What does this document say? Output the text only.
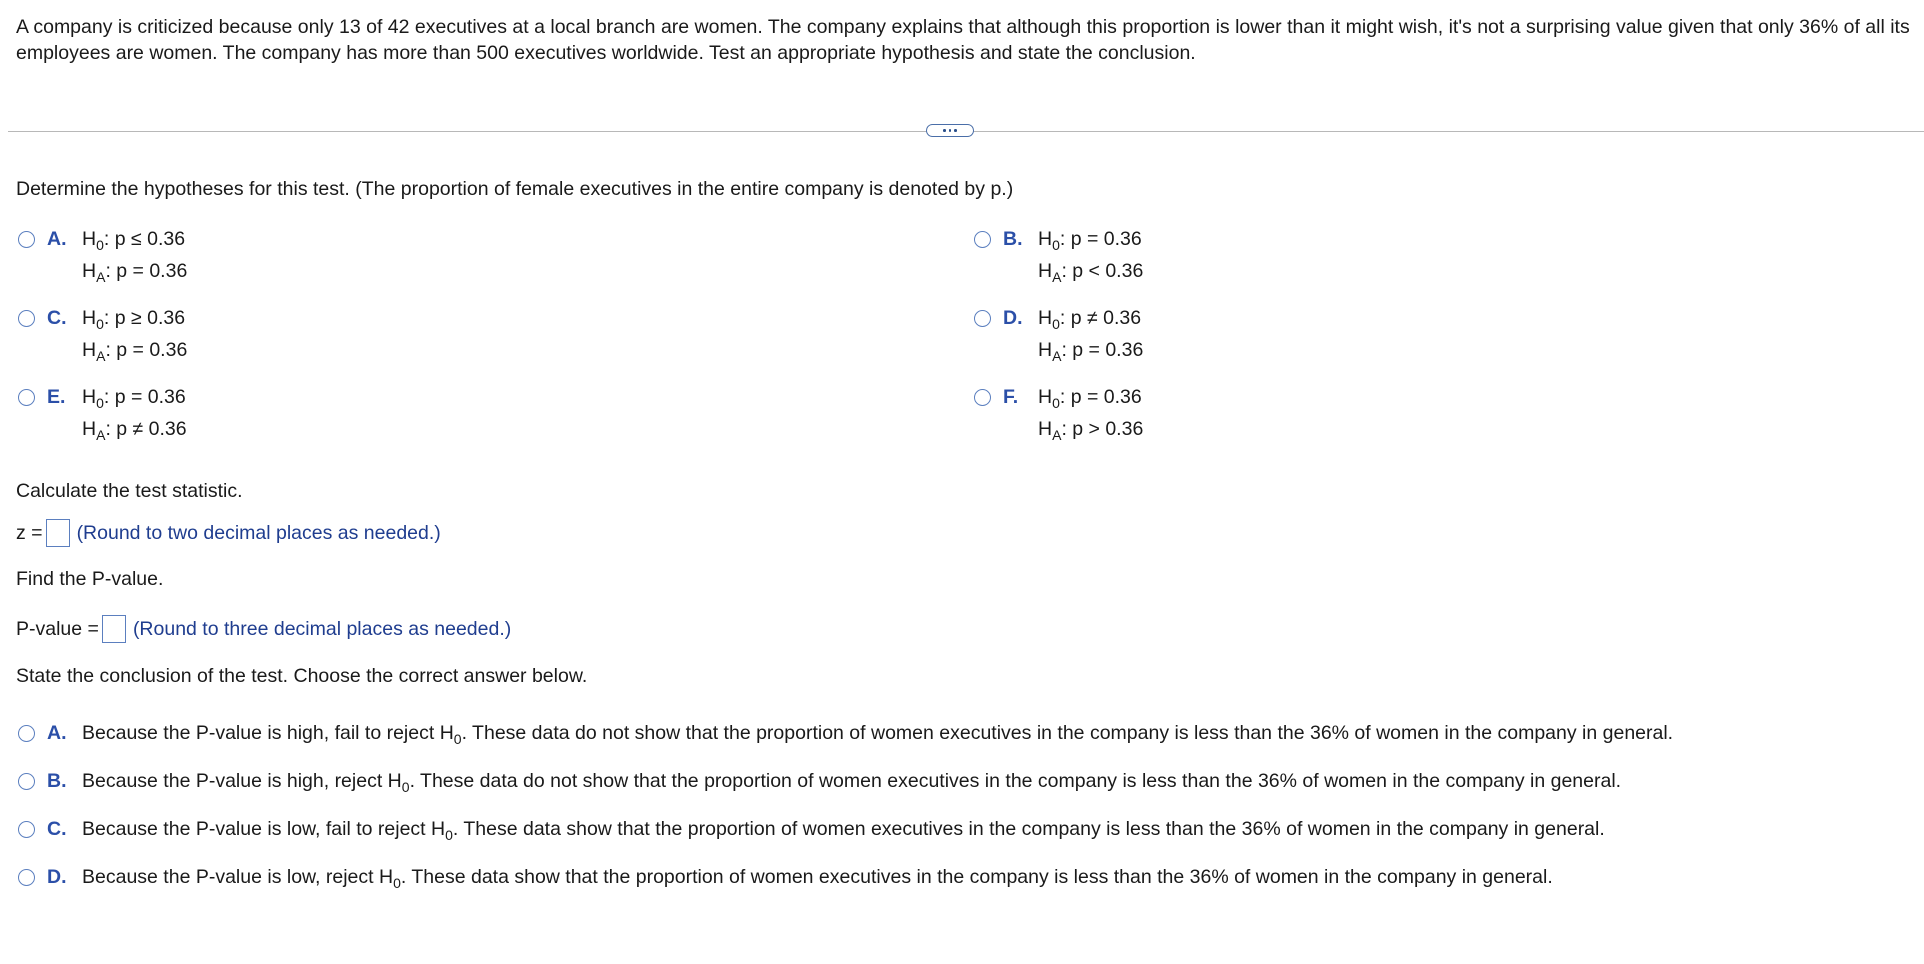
A company is criticized because only 13 of 42 executives at a local branch are women. The company explains that although this proportion is lower than it might wish, it's not a surprising value given that only 36% of all its employees are women. The company has more than 500 executives worldwide. Test an appropriate hypothesis and state the conclusion.
Determine the hypotheses for this test. (The proportion of female executives in the entire company is denoted by p.)
A. $H_0$: p ≤ 0.36
$H_A$: p = 0.36
B. $H_0$: p = 0.36
$H_A$: p < 0.36
C. $H_0$: p ≥ 0.36
$H_A$: p = 0.36
D. $H_0$: p ≠ 0.36
$H_A$: p = 0.36
E. $H_0$: p = 0.36
$H_A$: p ≠ 0.36
F. $H_0$: p = 0.36
$H_A$: p > 0.36
Calculate the test statistic.
z = (Round to two decimal places as needed.)
Find the P-value.
P-value = (Round to three decimal places as needed.)
State the conclusion of the test. Choose the correct answer below.
A. Because the P-value is high, fail to reject $H_0$. These data do not show that the proportion of women executives in the company is less than the 36% of women in the company in general.
B. Because the P-value is high, reject $H_0$. These data do not show that the proportion of women executives in the company is less than the 36% of women in the company in general.
C. Because the P-value is low, fail to reject $H_0$. These data show that the proportion of women executives in the company is less than the 36% of women in the company in general.
D. Because the P-value is low, reject $H_0$. These data show that the proportion of women executives in the company is less than the 36% of women in the company in general.
